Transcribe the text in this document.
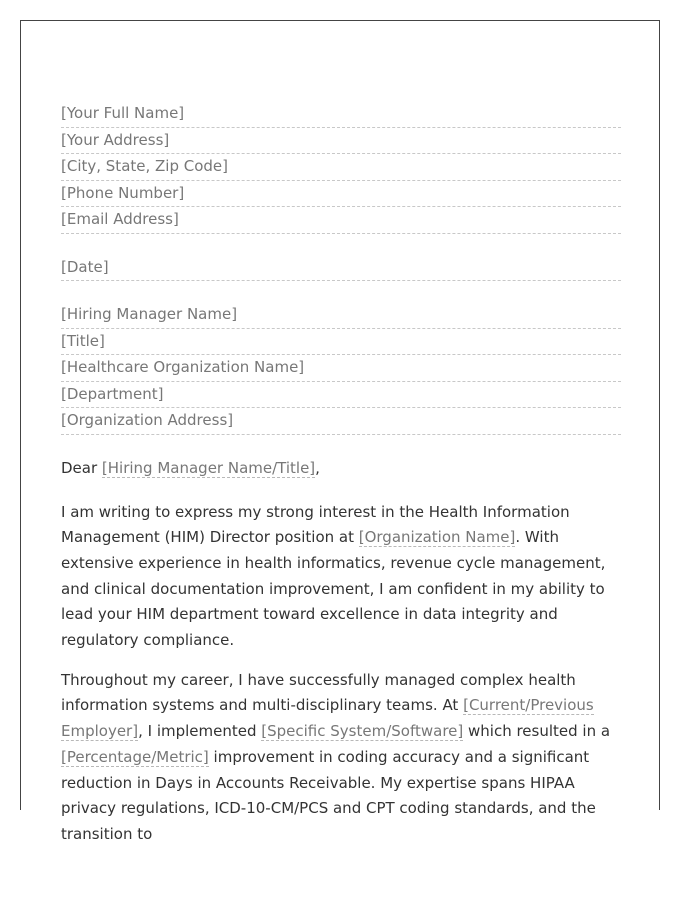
[Your Full Name]
[Your Address]
[City, State, Zip Code]
[Phone Number]
[Email Address]
[Date]
[Hiring Manager Name]
[Title]
[Healthcare Organization Name]
[Department]
[Organization Address]

Dear [Hiring Manager Name/Title],

I am writing to express my strong interest in the Health Information Management (HIM) Director position at [Organization Name]. With extensive experience in health informatics, revenue cycle management, and clinical documentation improvement, I am confident in my ability to lead your HIM department toward excellence in data integrity and regulatory compliance.

Throughout my career, I have successfully managed complex health information systems and multi-disciplinary teams. At [Current/Previous Employer], I implemented [Specific System/Software] which resulted in a [Percentage/Metric] improvement in coding accuracy and a significant reduction in Days in Accounts Receivable. My expertise spans HIPAA privacy regulations, ICD-10-CM/PCS and CPT coding standards, and the transition to
